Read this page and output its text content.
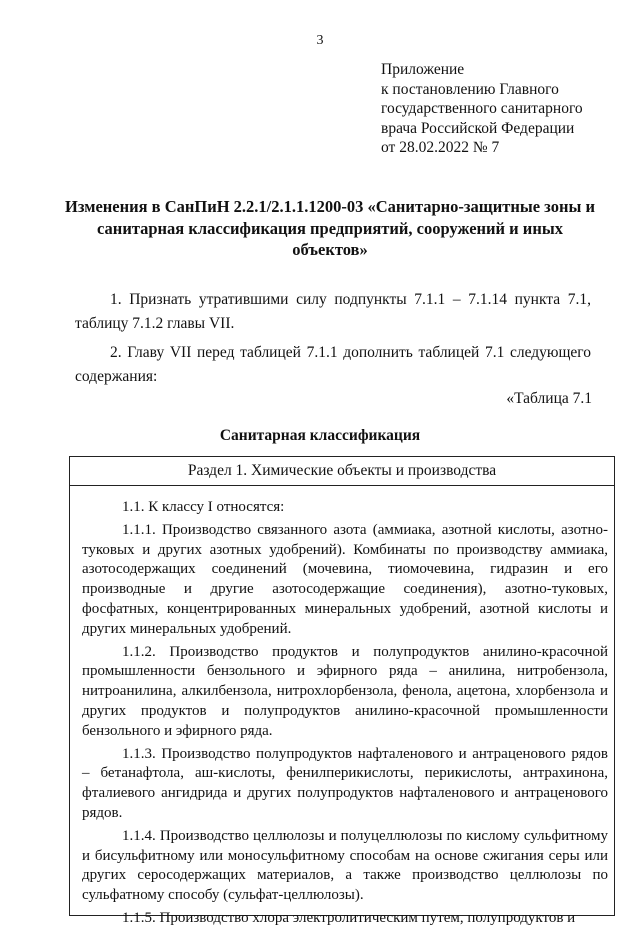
3
Приложение
к постановлению Главного
государственного санитарного
врача Российской Федерации
от 28.02.2022 № 7
Изменения в СанПиН 2.2.1/2.1.1.1200-03 «Санитарно-защитные зоны и санитарная классификация предприятий, сооружений и иных объектов»
1. Признать утратившими силу подпункты 7.1.1 – 7.1.14 пункта 7.1, таблицу 7.1.2 главы VII.
2. Главу VII перед таблицей 7.1.1 дополнить таблицей 7.1 следующего содержания:
«Таблица 7.1
Санитарная классификация
Раздел 1. Химические объекты и производства
1.1. К классу I относятся:
1.1.1. Производство связанного азота (аммиака, азотной кислоты, азотно-туковых и других азотных удобрений). Комбинаты по производству аммиака, азотосодержащих соединений (мочевина, тиомочевина, гидразин и его производные и другие азотосодержащие соединения), азотно-туковых, фосфатных, концентрированных минеральных удобрений, азотной кислоты и других минеральных удобрений.
1.1.2. Производство продуктов и полупродуктов анилино-красочной промышленности бензольного и эфирного ряда – анилина, нитробензола, нитроанилина, алкилбензола, нитрохлорбензола, фенола, ацетона, хлорбензола и других продуктов и полупродуктов анилино-красочной промышленности бензольного и эфирного ряда.
1.1.3. Производство полупродуктов нафталенового и антраценового рядов – бетанафтола, аш-кислоты, фенилперикислоты, перикислоты, антрахинона, фталиевого ангидрида и других полупродуктов нафталенового и антраценового рядов.
1.1.4. Производство целлюлозы и полуцеллюлозы по кислому сульфитному и бисульфитному или моносульфитному способам на основе сжигания серы или других серосодержащих материалов, а также производство целлюлозы по сульфатному способу (сульфат-целлюлозы).
1.1.5. Производство хлора электролитическим путем, полупродуктов и
